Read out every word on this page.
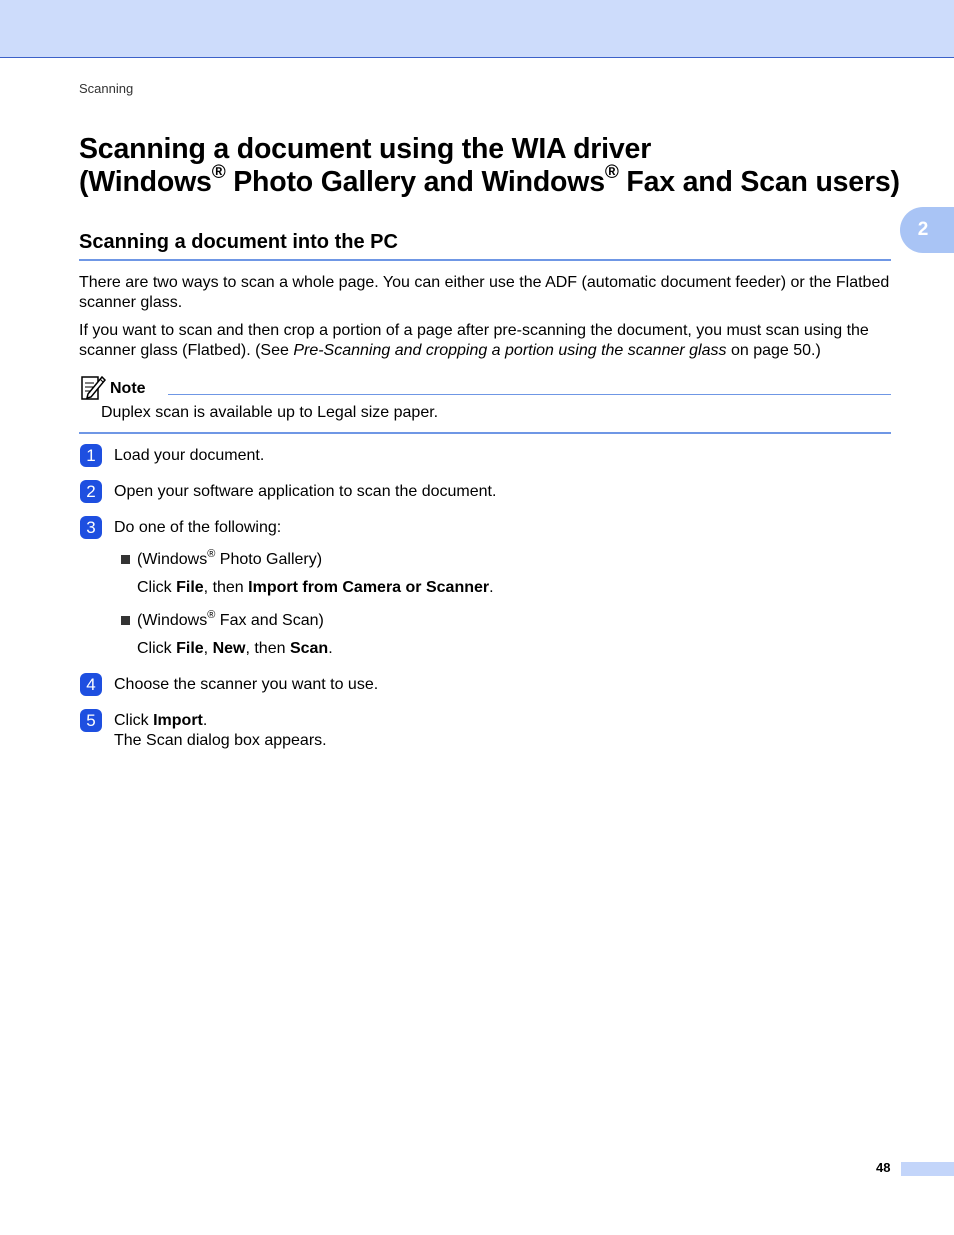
Scanning
2
Scanning a document using the WIA driver
(Windows® Photo Gallery and Windows® Fax and Scan users)
Scanning a document into the PC

There are two ways to scan a whole page. You can either use the ADF (automatic document feeder) or the Flatbed scanner glass.

If you want to scan and then crop a portion of a page after pre-scanning the document, you must scan using the scanner glass (Flatbed). (See Pre-Scanning and cropping a portion using the scanner glass on page 50.)

Note
Duplex scan is available up to Legal size paper.
1	Load your document.
2	Open your software application to scan the document.
3	Do one of the following:
(Windows® Photo Gallery)
Click File, then Import from Camera or Scanner.
(Windows® Fax and Scan)
Click File, New, then Scan.
4	Choose the scanner you want to use.
5	Click Import.
The Scan dialog box appears.
48
